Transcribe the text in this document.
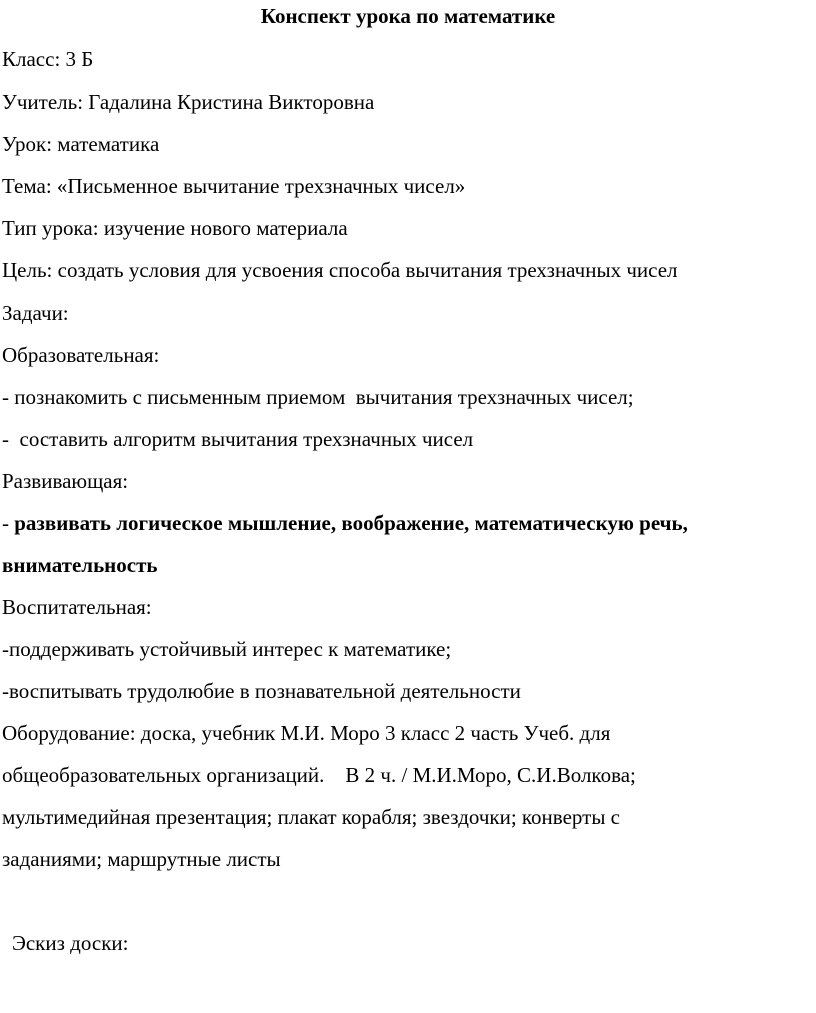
Конспект урока по математике
Класс: 3 Б
Учитель: Гадалина Кристина Викторовна
Урок: математика
Тема: «Письменное вычитание трехзначных чисел»
Тип урока: изучение нового материала
Цель: создать условия для усвоения способа вычитания трехзначных чисел
Задачи:
Образовательная:
- познакомить с письменным приемом  вычитания трехзначных чисел;
-  составить алгоритм вычитания трехзначных чисел
Развивающая:
- развивать логическое мышление, воображение, математическую речь,
внимательность
Воспитательная:
-поддерживать устойчивый интерес к математике;
-воспитывать трудолюбие в познавательной деятельности
Оборудование: доска, учебник М.И. Моро 3 класс 2 часть Учеб. для
общеобразовательных организаций.    В 2 ч. / М.И.Моро, С.И.Волкова;
мультимедийная презентация; плакат корабля; звездочки; конверты с
заданиями; маршрутные листы
Эскиз доски:
